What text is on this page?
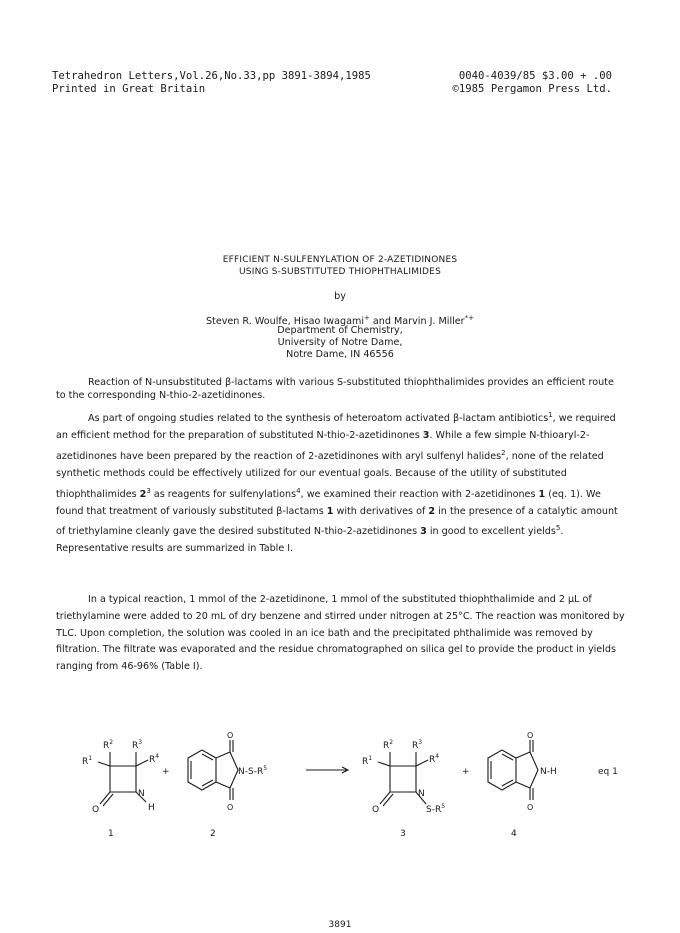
Tetrahedron Letters,Vol.26,No.33,pp 3891-3894,1985	0040-4039/85 $3.00 + .00
Printed in Great Britain	©1985 Pergamon Press Ltd.
EFFICIENT N-SULFENYLATION OF 2-AZETIDINONES
USING S-SUBSTITUTED THIOPHTHALIMIDES
by
Steven R. Woulfe, Hisao Iwagami+ and Marvin J. Miller*+
Department of Chemistry,
University of Notre Dame,
Notre Dame, IN 46556

Reaction of N-unsubstituted β-lactams with various S-substituted thiophthalimides provides an efficient route to the corresponding N-thio-2-azetidinones.

As part of ongoing studies related to the synthesis of heteroatom activated β-lactam antibiotics$^1$, we required an efficient method for the preparation of substituted N-thio-2-azetidinones 3. While a few simple N-thioaryl-2-azetidinones have been prepared by the reaction of 2-azetidinones with aryl sulfenyl halides$^2$, none of the related synthetic methods could be effectively utilized for our eventual goals. Because of the utility of substituted thiophthalimides $2^3$ as reagents for sulfenylations$^4$, we examined their reaction with 2-azetidinones 1 (eq. 1). We found that treatment of variously substituted β-lactams 1 with derivatives of 2 in the presence of a catalytic amount of triethylamine cleanly gave the desired substituted N-thio-2-azetidinones 3 in good to excellent yields$^5$. Representative results are summarized in Table I.

In a typical reaction, 1 mmol of the 2-azetidinone, 1 mmol of the substituted thiophthalimide and 2 μL of triethylamine were added to 20 mL of dry benzene and stirred under nitrogen at 25°C. The reaction was monitored by TLC. Upon completion, the solution was cooled in an ice bath and the precipitated phthalimide was removed by filtration. The filtrate was evaporated and the residue chromatographed on silica gel to provide the product in yields ranging from 46-96% (Table I).

$R^1$
$R^2$ $R^3$
$R^4$
N
H
O
1
+
O
O
$N-S-R^5$
2
$R^1$
$R^2$ $R^3$
$R^4$
N
$S-R^5$
O
3
+
O
O
N-H
4
eq 1
3891
